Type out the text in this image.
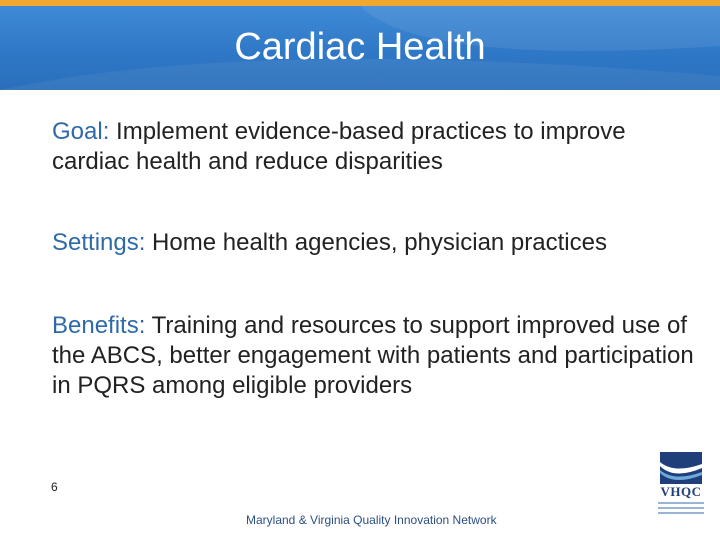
Cardiac Health
Goal: Implement evidence-based practices to improve cardiac health and reduce disparities
Settings: Home health agencies, physician practices
Benefits: Training and resources to support improved use of the ABCS, better engagement with patients and participation in PQRS among eligible providers
6
Maryland & Virginia Quality Innovation Network
VHQC
